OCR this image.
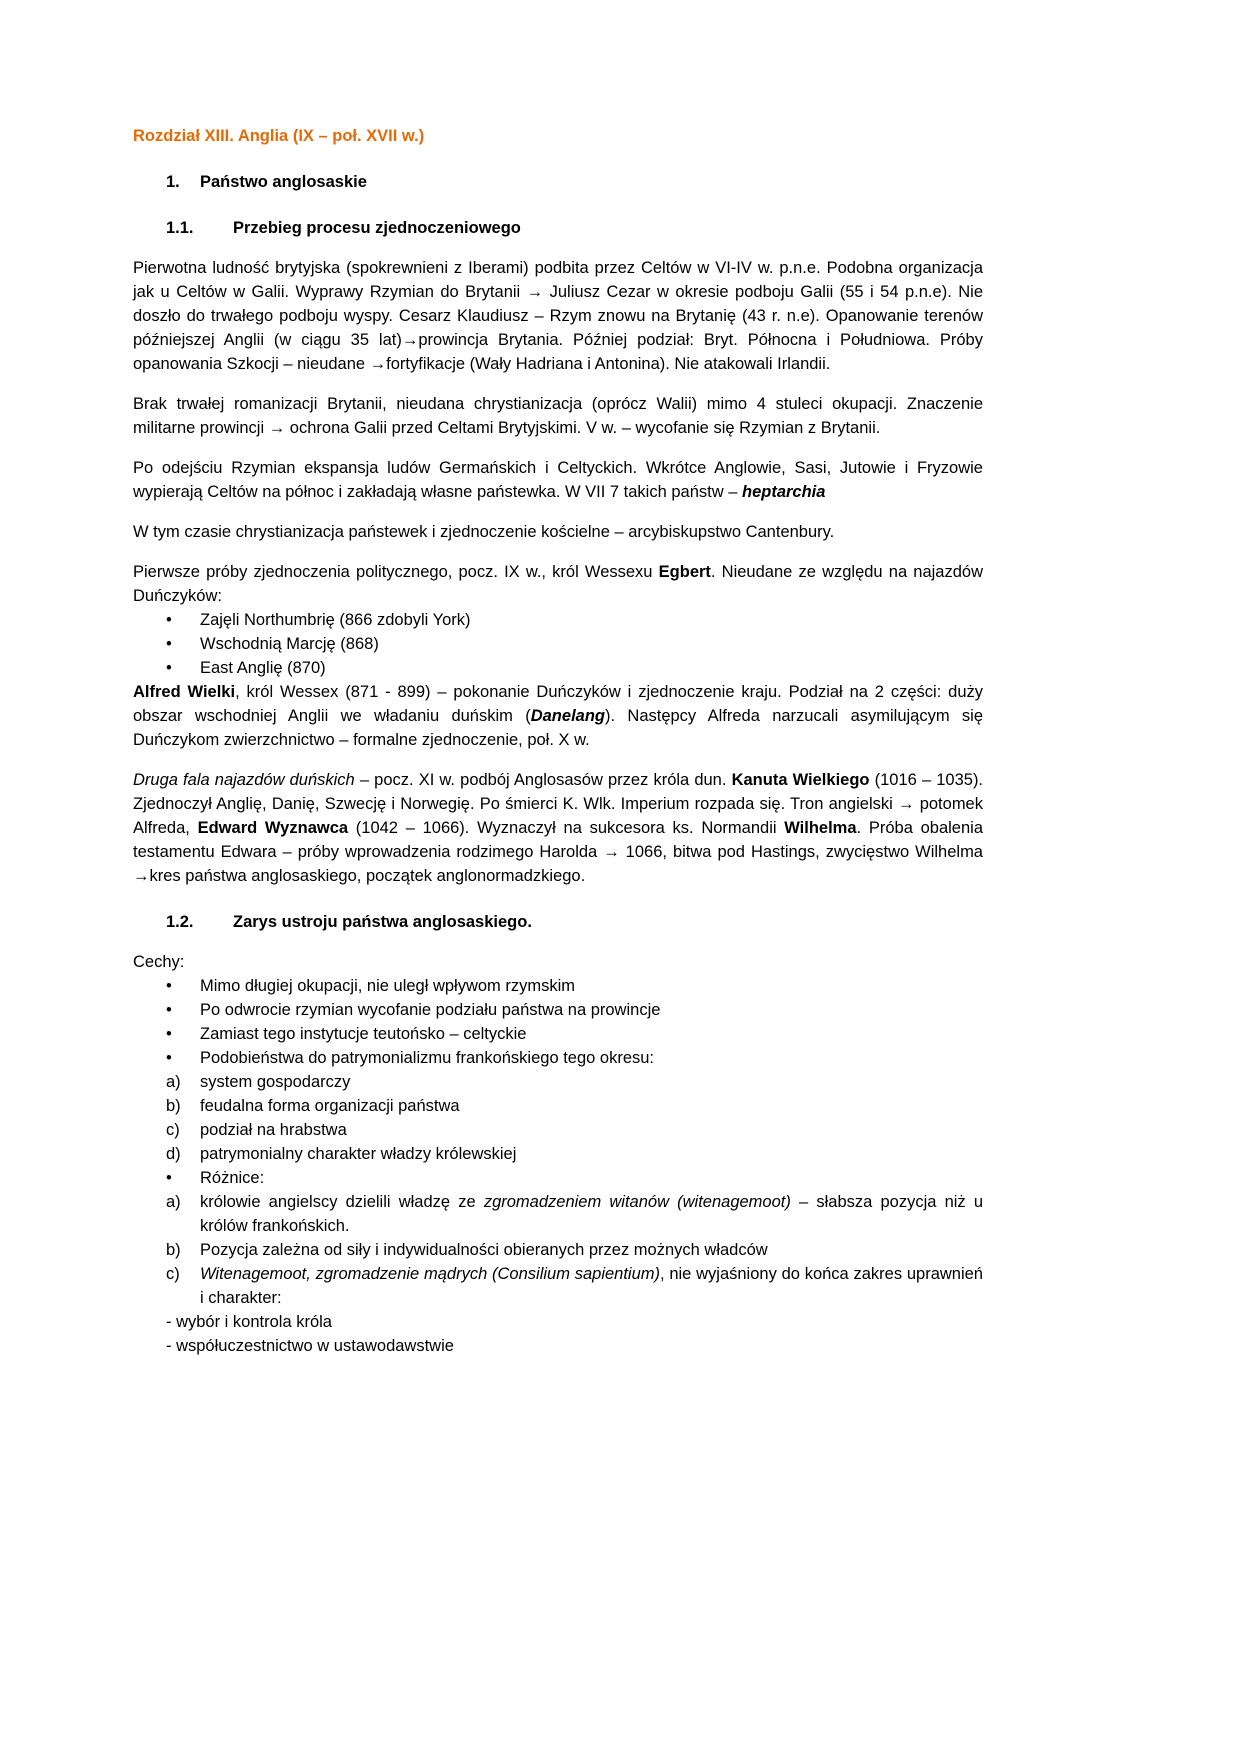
Rozdział XIII. Anglia (IX – poł. XVII w.)
1. Państwo anglosaskie
1.1. Przebieg procesu zjednoczeniowego
Pierwotna ludność brytyjska (spokrewnieni z Iberami) podbita przez Celtów w VI-IV w. p.n.e. Podobna organizacja jak u Celtów w Galii. Wyprawy Rzymian do Brytanii → Juliusz Cezar w okresie podboju Galii (55 i 54 p.n.e). Nie doszło do trwałego podboju wyspy. Cesarz Klaudiusz – Rzym znowu na Brytanię (43 r. n.e). Opanowanie terenów późniejszej Anglii (w ciągu 35 lat)→prowincja Brytania. Później podział: Bryt. Północna i Południowa. Próby opanowania Szkocji – nieudane →fortyfikacje (Wały Hadriana i Antonina). Nie atakowali Irlandii.
Brak trwałej romanizacji Brytanii, nieudana chrystianizacja (oprócz Walii) mimo 4 stuleci okupacji. Znaczenie militarne prowincji → ochrona Galii przed Celtami Brytyjskimi. V w. – wycofanie się Rzymian z Brytanii.
Po odejściu Rzymian ekspansja ludów Germańskich i Celtyckich. Wkrótce Anglowie, Sasi, Jutowie i Fryzowie wypierają Celtów na północ i zakładają własne państewka. W VII 7 takich państw – heptarchia
W tym czasie chrystianizacja państewek i zjednoczenie kościelne – arcybiskupstwo Cantenbury.
Pierwsze próby zjednoczenia politycznego, pocz. IX w., król Wessexu Egbert. Nieudane ze względu na najazdów Duńczyków:
• Zajęli Northumbrię (866 zdobyli York)
• Wschodnią Marcję (868)
• East Anglię (870)
Alfred Wielki, król Wessex (871 - 899) – pokonanie Duńczyków i zjednoczenie kraju. Podział na 2 części: duży obszar wschodniej Anglii we władaniu duńskim (Danelang). Następcy Alfreda narzucali asymilującym się Duńczykom zwierzchnictwo – formalne zjednoczenie, poł. X w.
Druga fala najazdów duńskich – pocz. XI w. podbój Anglosasów przez króla dun. Kanuta Wielkiego (1016 – 1035). Zjednoczył Anglię, Danię, Szwecję i Norwegię. Po śmierci K. Wlk. Imperium rozpada się. Tron angielski → potomek Alfreda, Edward Wyznawca (1042 – 1066). Wyznaczył na sukcesora ks. Normandii Wilhelma. Próba obalenia testamentu Edwara – próby wprowadzenia rodzimego Harolda → 1066, bitwa pod Hastings, zwycięstwo Wilhelma →kres państwa anglosaskiego, początek anglonormadzkiego.
1.2. Zarys ustroju państwa anglosaskiego.
Cechy:
• Mimo długiej okupacji, nie uległ wpływom rzymskim
• Po odwrocie rzymian wycofanie podziału państwa na prowincje
• Zamiast tego instytucje teutońsko – celtyckie
• Podobieństwa do patrymonializmu frankońskiego tego okresu:
a) system gospodarczy
b) feudalna forma organizacji państwa
c) podział na hrabstwa
d) patrymonialny charakter władzy królewskiej
• Różnice:
a) królowie angielscy dzielili władzę ze zgromadzeniem witanów (witenagemoot) – słabsza pozycja niż u królów frankońskich.
b) Pozycja zależna od siły i indywidualności obieranych przez możnych władców
c) Witenagemoot, zgromadzenie mądrych (Consilium sapientium), nie wyjaśniony do końca zakres uprawnień i charakter:
- wybór i kontrola króla
- współuczestnictwo w ustawodawstwie
